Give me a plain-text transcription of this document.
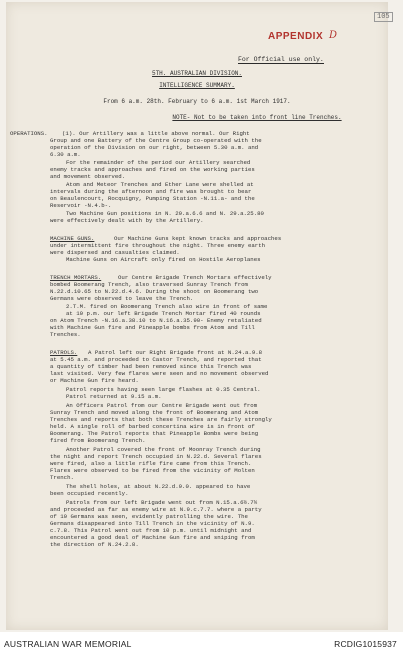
105
APPENDIX D
For Official use only.
5TH. AUSTRALIAN DIVISION.
INTELLIGENCE SUMMARY.
From 6 a.m. 28th. February to 6 a.m. 1st March 1917.
NOTE- Not to be taken into front line Trenches.
OPERATIONS.	(1). Our Artillery was a little above normal. Our Right
Group and one Battery of the Centre Group co-operated with the
operation of the Division on our right, between 5.30 a.m. and
6.30 a.m.
For the remainder of the period our Artillery searched
enemy tracks and approaches and fired on the working parties
and movement observed.
Atom and Meteor Trenches and Ether Lane were shelled at
intervals during the afternoon and fire was brought to bear
on Beaulencourt, Rocquigny, Pumping Station -N.11.a- and the
Reservoir -N.4.b-.
Two Machine Gun positions in N. 29.a.6.6 and N. 29.a.25.80
were effectively dealt with by the Artillery.
MACHINE GUNS.	Our Machine Guns kept known tracks and approaches
under intermittent fire throughout the night. Three enemy earth
were dispersed and casualties claimed.
Machine Guns on Aircraft only fired on Hostile Aeroplanes
TRENCH MORTARS.	Our Centre Brigade Trench Mortars effectively
bombed Boomerang Trench, also traversed Sunray Trench from
N.22.d.10.65 to N.22.d.4.6. During the shoot on Boomerang two
Germans were observed to leave the Trench.
2.T.M. fired on Boomerang Trench also wire in front of same
at 10 p.m. our left Brigade Trench Mortar fired 40 rounds
on Atom Trench -N.16.a.38.10 to N.16.a.35.90- Enemy retaliated
with Machine Gun fire and Pineapple bombs from Atom and Till
Trenches.
PATROLS. A Patrol left our Right Brigade front at N.24.a.9.8
at 5.45 a.m. and proceeded to Castor Trench, and reported that
a quantity of timber had been removed since this Trench was
last visited. Very few flares were seen and no movement observed
or Machine Gun fire heard.
Patrol reports having seen large flashes at 0.35 Central.
Patrol returned at 9.15 a.m.
An Officers Patrol from our Centre Brigade went out from
Sunray Trench and moved along the front of Boomerang and Atom
Trenches and reports that both these Trenches are fairly strongly
held. A single roll of barbed concertina wire is in front of
Boomerang. The Patrol reports that Pineapple Bombs were being
fired from Boomerang Trench.
Another Patrol covered the front of Moonray Trench during
the night and report Trench occupied in N.22.d. Several flares
were fired, also a little rifle fire came from this Trench.
Flares were observed to be fired from the vicinity of Molten
Trench.
The shell holes, at about N.22.d.9.0. appeared to have
been occupied recently.
Patrols from our left Brigade went out from N.15.a.6½.7½
and proceeded as far as enemy wire at N.9.c.7.7. where a party
of 10 Germans was seen, evidently patrolling the wire. The
Germans disappeared into Till Trench in the vicinity of N.9.
c.7.8. This Patrol went out from 10 p.m. until midnight and
encountered a good deal of Machine Gun fire and sniping from
the direction of N.24.2.8.
AUSTRALIAN WAR MEMORIAL	RCDIG1015937
